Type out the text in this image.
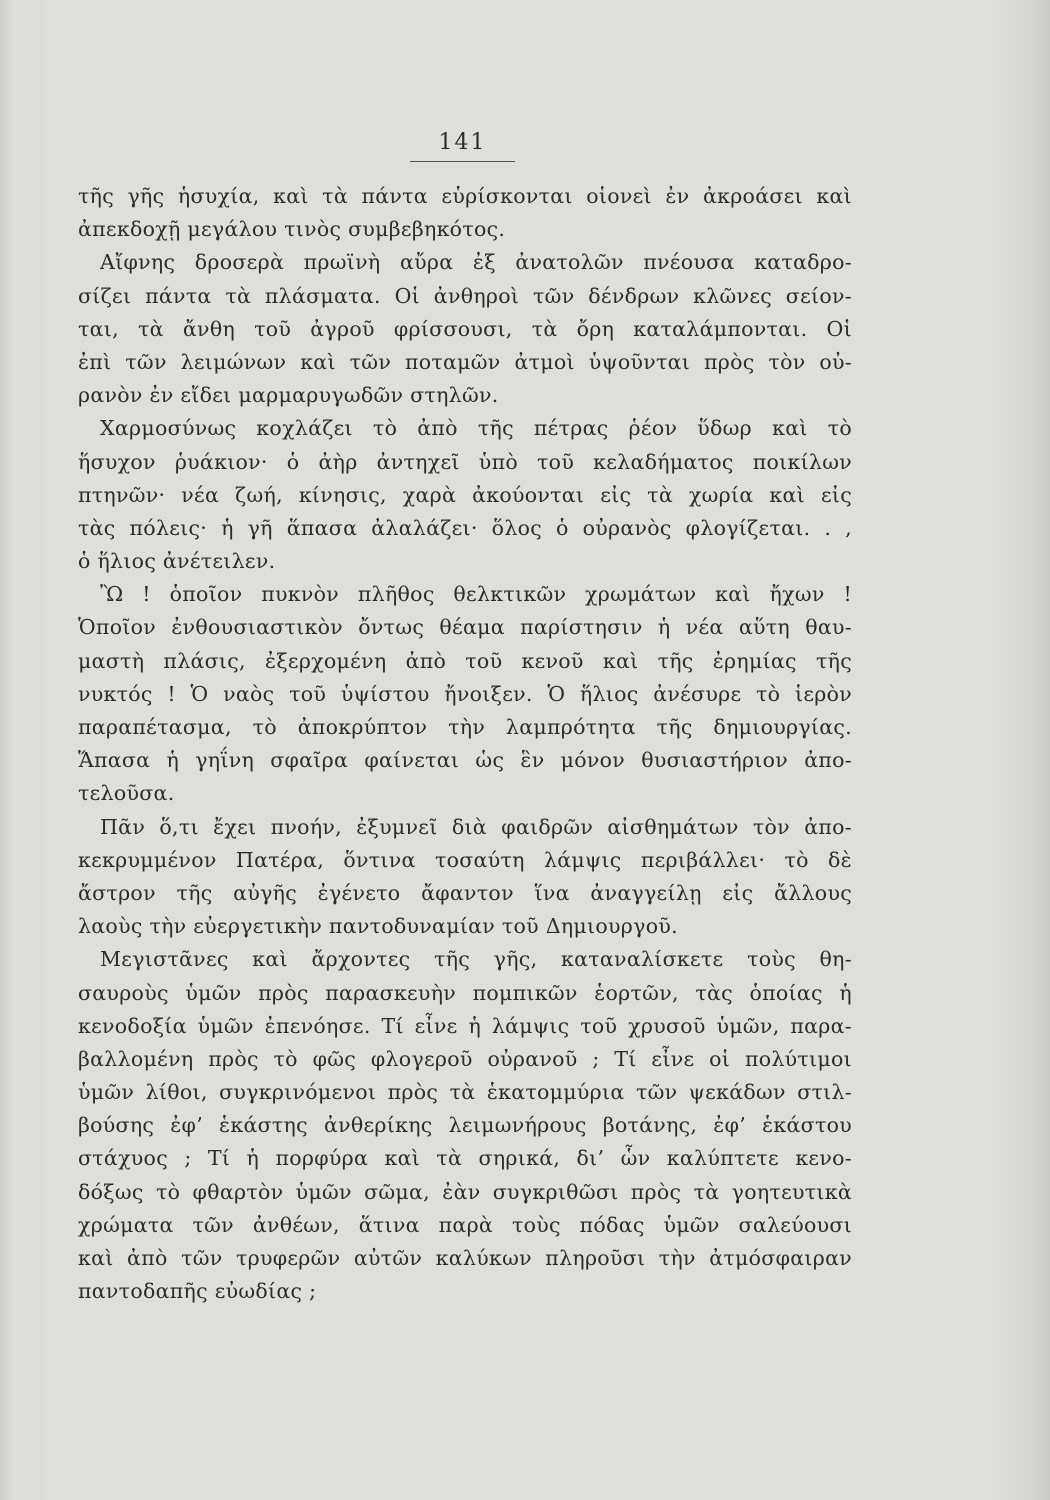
141
τῆς γῆς ἡσυχία, καὶ τὰ πάντα εὑρίσκονται οἱονεὶ ἐν ἀκροάσει καὶ
ἀπεκδοχῇ μεγάλου τινὸς συμβεβηκότος.
Αἴφνης δροσερὰ πρωϊνὴ αὔρα ἐξ ἀνατολῶν πνέουσα καταδρο-
σίζει πάντα τὰ πλάσματα. Οἱ ἀνθηροὶ τῶν δένδρων κλῶνες σείον-
ται, τὰ ἄνθη τοῦ ἀγροῦ φρίσσουσι, τὰ ὄρη καταλάμπονται. Οἱ
ἐπὶ τῶν λειμώνων καὶ τῶν ποταμῶν ἀτμοὶ ὑψοῦνται πρὸς τὸν οὐ-
ρανὸν ἐν εἴδει μαρμαρυγωδῶν στηλῶν.
Χαρμοσύνως κοχλάζει τὸ ἀπὸ τῆς πέτρας ῥέον ὕδωρ καὶ τὸ
ἥσυχον ῥυάκιον· ὁ ἀὴρ ἀντηχεῖ ὑπὸ τοῦ κελαδήματος ποικίλων
πτηνῶν· νέα ζωή, κίνησις, χαρὰ ἀκούονται εἰς τὰ χωρία καὶ εἰς
τὰς πόλεις· ἡ γῆ ἅπασα ἀλαλάζει· ὅλος ὁ οὐρανὸς φλογίζεται. . ,
ὁ ἥλιος ἀνέτειλεν.
Ὢ ! ὁποῖον πυκνὸν πλῆθος θελκτικῶν χρωμάτων καὶ ἤχων !
Ὁποῖον ἐνθουσιαστικὸν ὄντως θέαμα παρίστησιν ἡ νέα αὕτη θαυ-
μαστὴ πλάσις, ἐξερχομένη ἀπὸ τοῦ κενοῦ καὶ τῆς ἐρημίας τῆς
νυκτός ! Ὁ ναὸς τοῦ ὑψίστου ἤνοιξεν. Ὁ ἥλιος ἀνέσυρε τὸ ἱερὸν
παραπέτασμα, τὸ ἀποκρύπτον τὴν λαμπρότητα τῆς δημιουργίας.
Ἅπασα ἡ γηΐνη σφαῖρα φαίνεται ὡς ἓν μόνον θυσιαστήριον ἀπο-
τελοῦσα.
Πᾶν ὅ,τι ἔχει πνοήν, ἐξυμνεῖ διὰ φαιδρῶν αἰσθημάτων τὸν ἀπο-
κεκρυμμένον Πατέρα, ὅντινα τοσαύτη λάμψις περιβάλλει· τὸ δὲ
ἄστρον τῆς αὐγῆς ἐγένετο ἄφαντον ἵνα ἀναγγείλῃ εἰς ἄλλους
λαοὺς τὴν εὐεργετικὴν παντοδυναμίαν τοῦ Δημιουργοῦ.
Μεγιστᾶνες καὶ ἄρχοντες τῆς γῆς, καταναλίσκετε τοὺς θη-
σαυροὺς ὑμῶν πρὸς παρασκευὴν πομπικῶν ἑορτῶν, τὰς ὁποίας ἡ
κενοδοξία ὑμῶν ἐπενόησε. Τί εἶνε ἡ λάμψις τοῦ χρυσοῦ ὑμῶν, παρα-
βαλλομένη πρὸς τὸ φῶς φλογεροῦ οὐρανοῦ ; Τί εἶνε οἱ πολύτιμοι
ὑμῶν λίθοι, συγκρινόμενοι πρὸς τὰ ἑκατομμύρια τῶν ψεκάδων στιλ-
βούσης ἐφ’ ἑκάστης ἀνθερίκης λειμωνήρους βοτάνης, ἐφ’ ἑκάστου
στάχυος ; Τί ἡ πορφύρα καὶ τὰ σηρικά, δι’ ὧν καλύπτετε κενο-
δόξως τὸ φθαρτὸν ὑμῶν σῶμα, ἐὰν συγκριθῶσι πρὸς τὰ γοητευτικὰ
χρώματα τῶν ἀνθέων, ἅτινα παρὰ τοὺς πόδας ὑμῶν σαλεύουσι
καὶ ἀπὸ τῶν τρυφερῶν αὐτῶν καλύκων πληροῦσι τὴν ἀτμόσφαιραν
παντοδαπῆς εὐωδίας ;
